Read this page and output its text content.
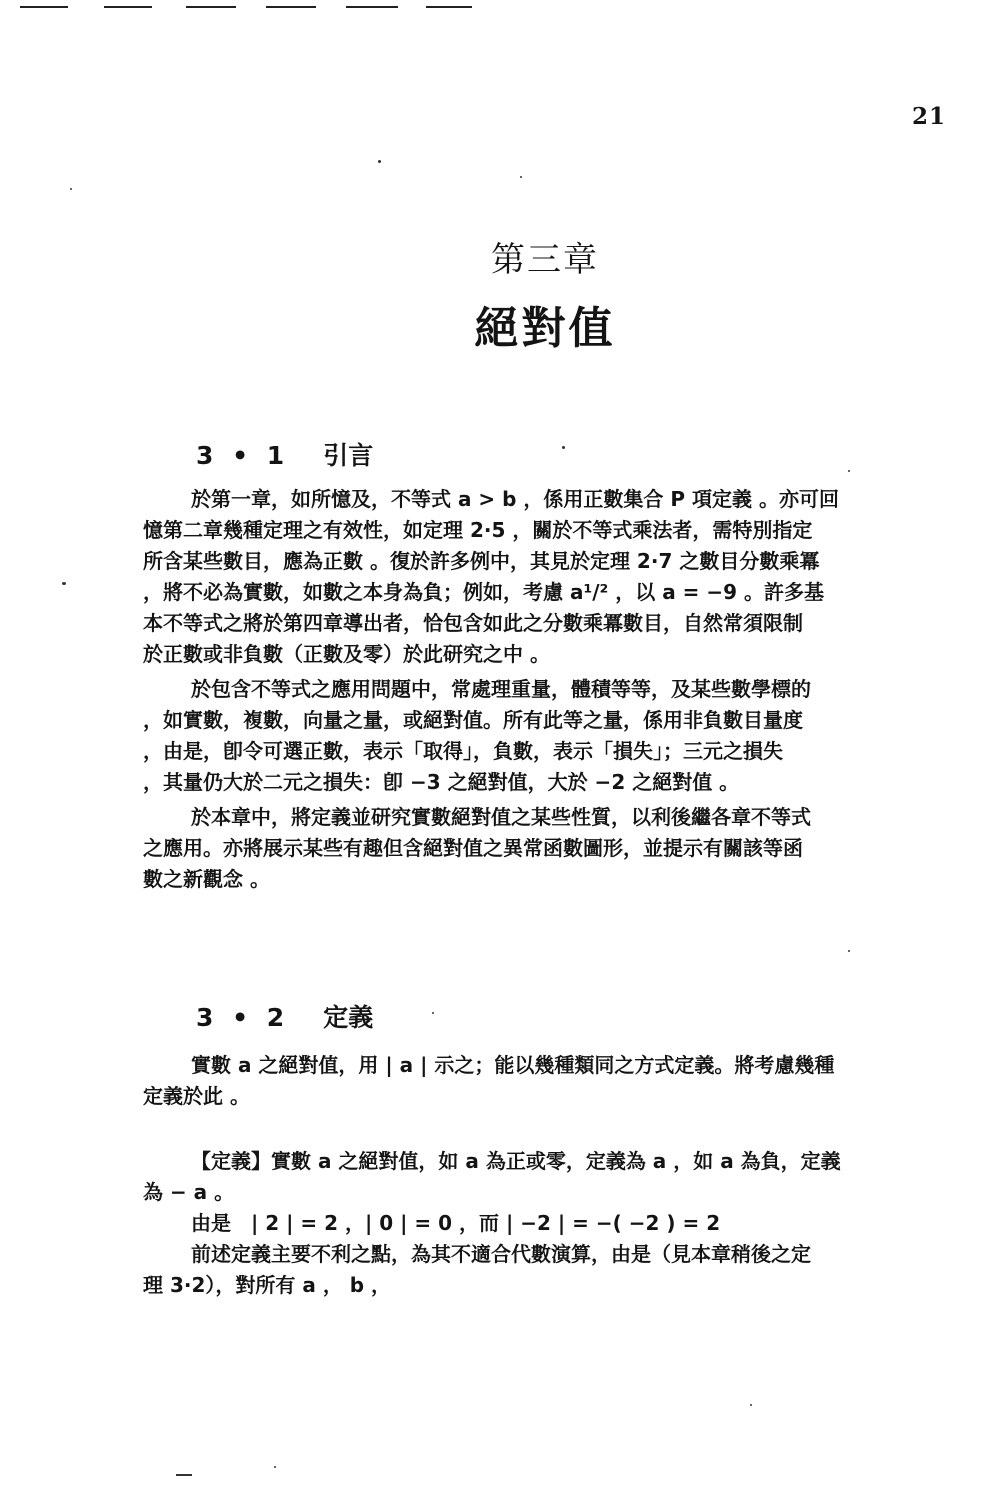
21
第三章
絕對值
3 • 1 引言

於第一章，如所憶及，不等式 a > b ，係用正數集合 P 項定義 。亦可回
憶第二章幾種定理之有效性，如定理 2·5 ，關於不等式乘法者，需特別指定
所含某些數目，應為正數 。復於許多例中，其見於定理 2·7 之數目分數乘冪
，將不必為實數，如數之本身為負；例如，考慮 a¹/² ，以 a = −9 。許多基
本不等式之將於第四章導出者，恰包含如此之分數乘冪數目，自然常須限制
於正數或非負數（正數及零）於此研究之中 。

於包含不等式之應用問題中，常處理重量，體積等等，及某些數學標的
，如實數，複數，向量之量，或絕對值。所有此等之量，係用非負數目量度
，由是，卽令可選正數，表示「取得」，負數，表示「損失」；三元之損失
，其量仍大於二元之損失：卽 −3 之絕對值，大於 −2 之絕對值 。

於本章中，將定義並研究實數絕對值之某些性質，以利後繼各章不等式
之應用。亦將展示某些有趣但含絕對值之異常函數圖形，並提示有關該等函
數之新觀念 。

3 • 2 定義

實數 a 之絕對值，用 | a | 示之；能以幾種類同之方式定義。將考慮幾種
定義於此 。

【定義】實數 a 之絕對值，如 a 為正或零，定義為 a ，如 a 為負，定義
為 − a 。

由是　| 2 | = 2 ，| 0 | = 0 ，而 | −2 | = −( −2 ) = 2

前述定義主要不利之點，為其不適合代數演算，由是（見本章稍後之定
理 3·2），對所有 a ， b ，
